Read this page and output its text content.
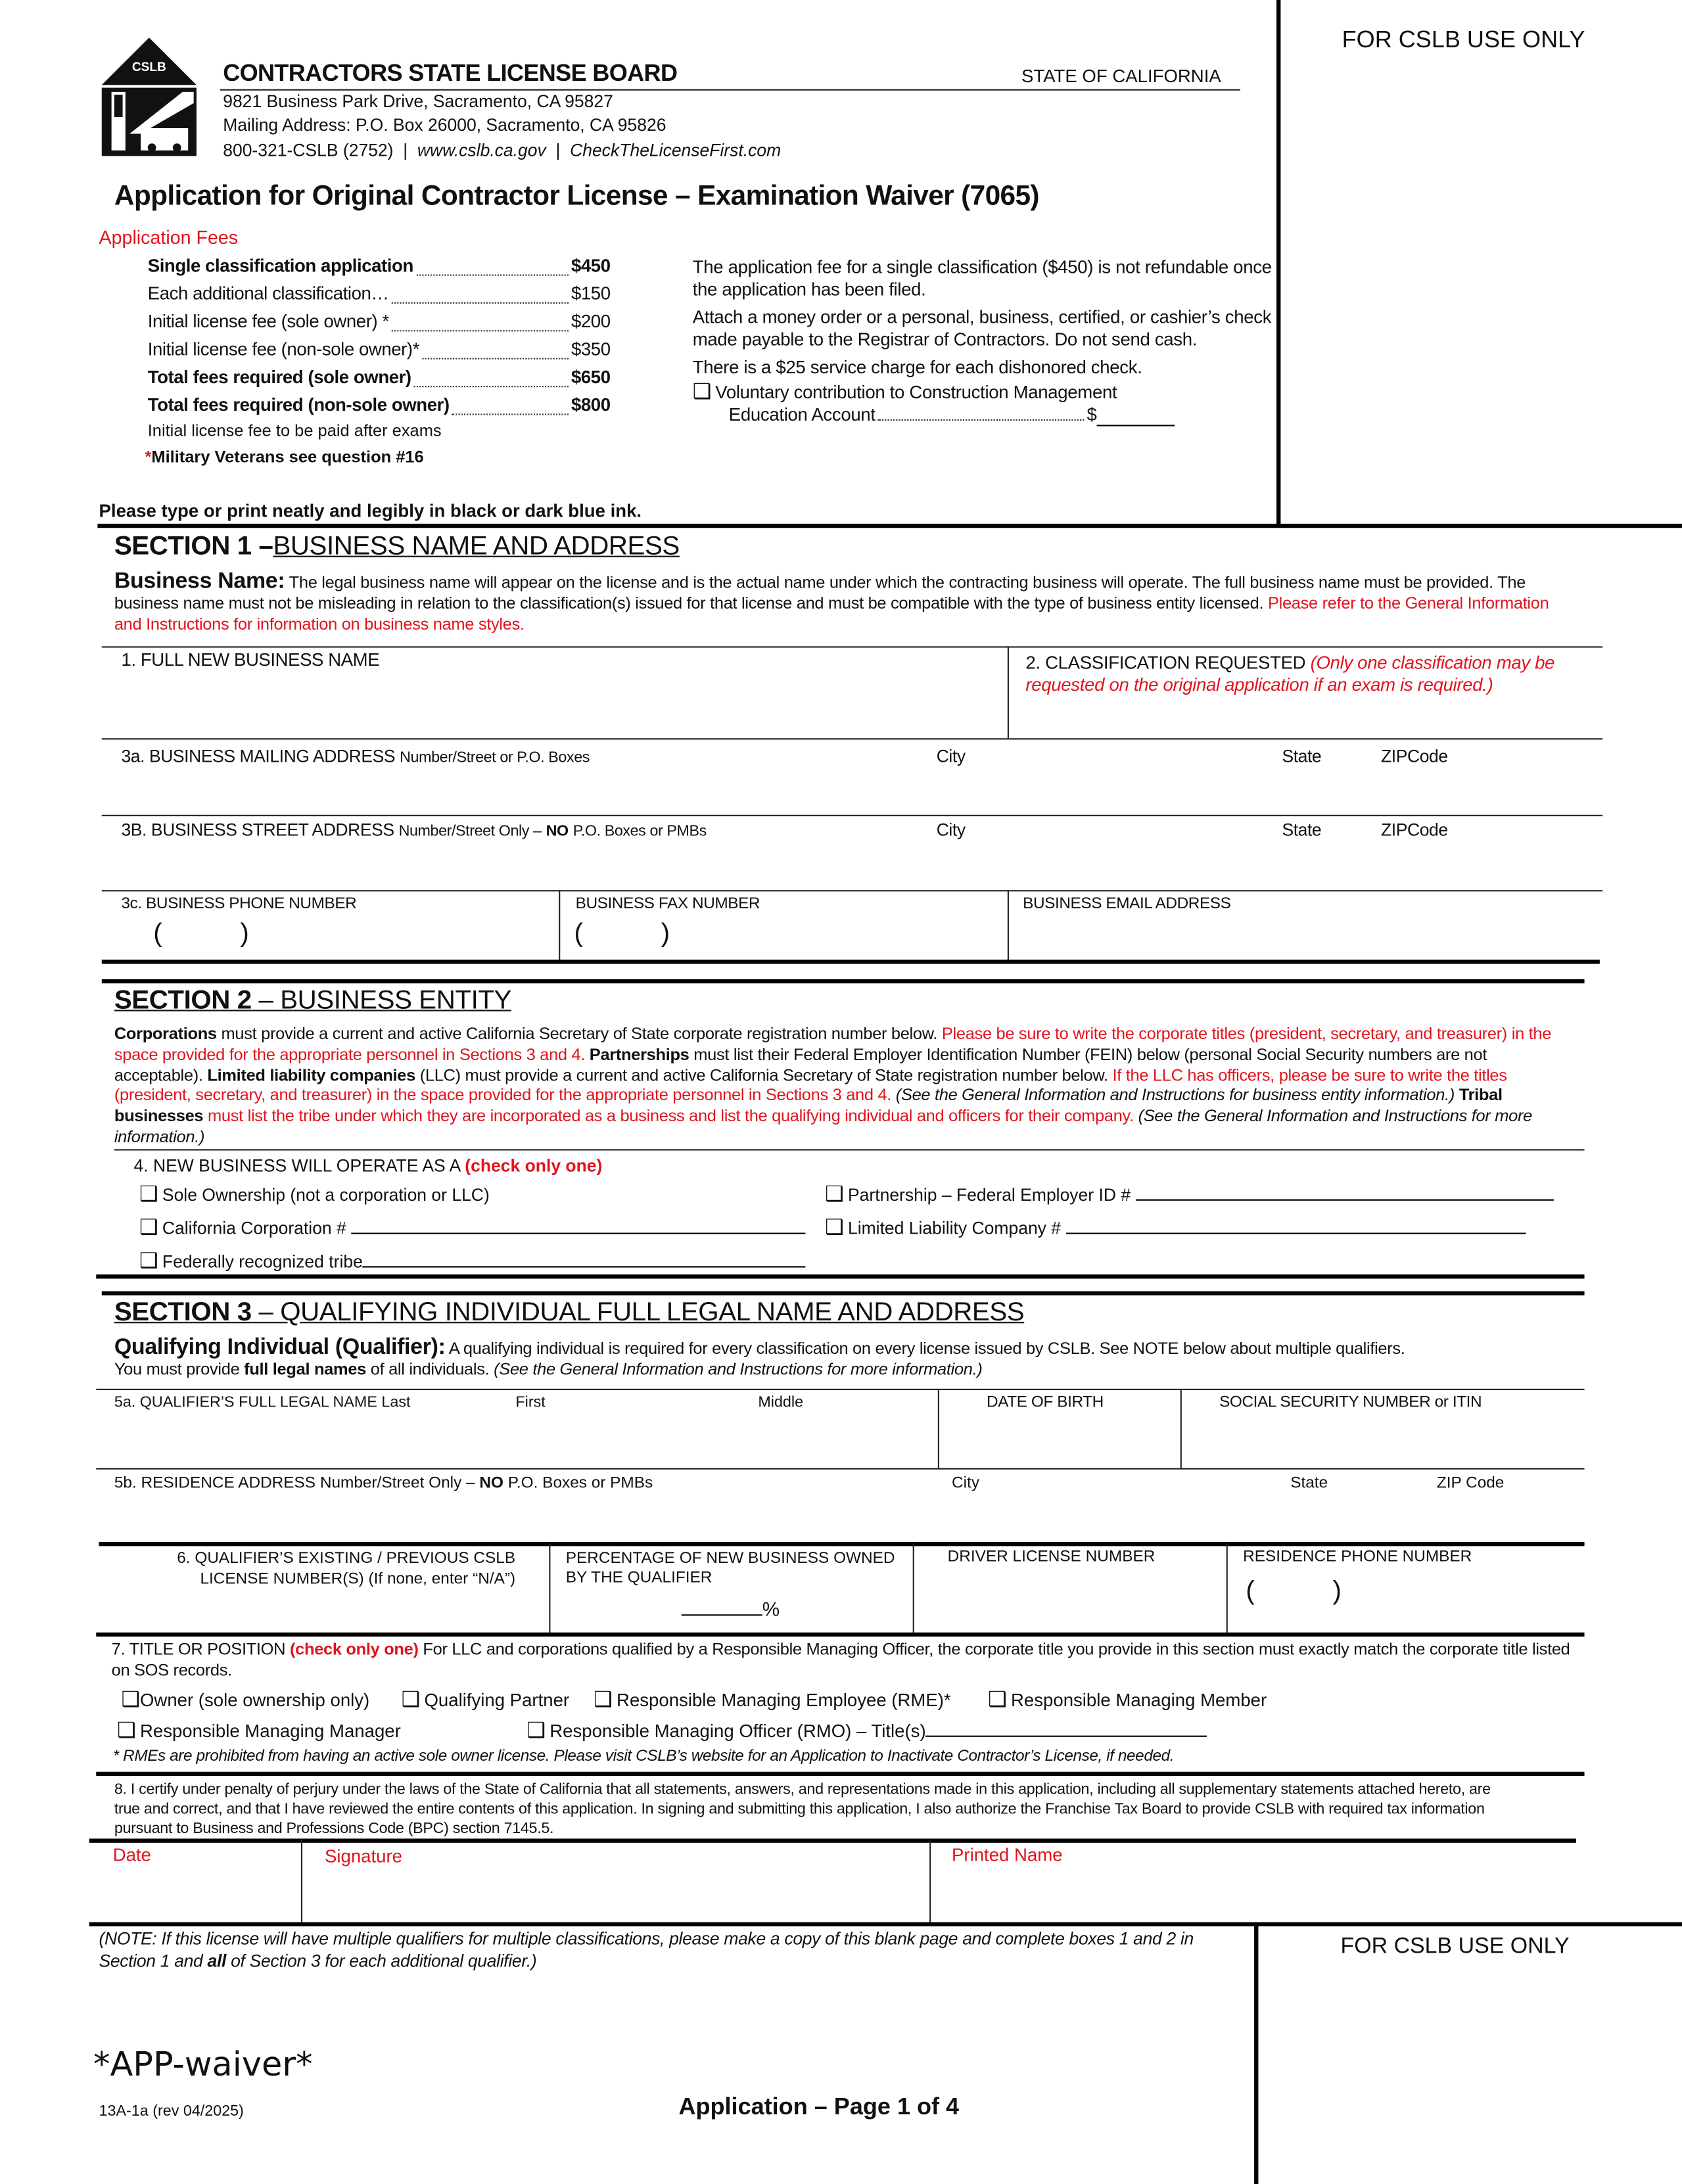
CSLB	CONTRACTORS STATE LICENSE BOARD	STATE OF CALIFORNIA
9821 Business Park Drive, Sacramento, CA 95827
Mailing Address: P.O. Box 26000, Sacramento, CA 95826
800-321-CSLB (2752) | www.cslb.ca.gov | CheckTheLicenseFirst.com
FOR CSLB USE ONLY
Application for Original Contractor License – Examination Waiver (7065)
Application Fees
Single classification application	$450
Each additional classification…	$150
Initial license fee (sole owner) *	$200
Initial license fee (non-sole owner)*	$350
Total fees required (sole owner)	$650
Total fees required (non-sole owner)	$800
Initial license fee to be paid after exams
*Military Veterans see question #16
The application fee for a single classification ($450) is not refundable once the application has been filed.
Attach a money order or a personal, business, certified, or cashier’s check made payable to the Registrar of Contractors. Do not send cash.
There is a $25 service charge for each dishonored check.
❑ Voluntary contribution to Construction Management
Education Account	$
Please type or print neatly and legibly in black or dark blue ink.
SECTION 1 –BUSINESS NAME AND ADDRESS
Business Name: The legal business name will appear on the license and is the actual name under which the contracting business will operate. The full business name must be provided. The business name must not be misleading in relation to the classification(s) issued for that license and must be compatible with the type of business entity licensed. Please refer to the General Information and Instructions for information on business name styles.
1. FULL NEW BUSINESS NAME	2. CLASSIFICATION REQUESTED (Only one classification may be requested on the original application if an exam is required.)
3a. BUSINESS MAILING ADDRESS Number/Street or P.O. Boxes	City	State	ZIPCode
3B. BUSINESS STREET ADDRESS Number/Street Only – NO P.O. Boxes or PMBs	City	State	ZIPCode
3c. BUSINESS PHONE NUMBER
(	)
BUSINESS FAX NUMBER
(	)
BUSINESS EMAIL ADDRESS
SECTION 2 – BUSINESS ENTITY
Corporations must provide a current and active California Secretary of State corporate registration number below. Please be sure to write the corporate titles (president, secretary, and treasurer) in the space provided for the appropriate personnel in Sections 3 and 4. Partnerships must list their Federal Employer Identification Number (FEIN) below (personal Social Security numbers are not acceptable). Limited liability companies (LLC) must provide a current and active California Secretary of State registration number below. If the LLC has officers, please be sure to write the titles (president, secretary, and treasurer) in the space provided for the appropriate personnel in Sections 3 and 4. (See the General Information and Instructions for business entity information.) Tribal businesses must list the tribe under which they are incorporated as a business and list the qualifying individual and officers for their company. (See the General Information and Instructions for more information.)
4. NEW BUSINESS WILL OPERATE AS A (check only one)
❑ Sole Ownership (not a corporation or LLC)	❑ Partnership – Federal Employer ID #
❑ California Corporation #	❑ Limited Liability Company #
❑ Federally recognized tribe
SECTION 3 – QUALIFYING INDIVIDUAL FULL LEGAL NAME AND ADDRESS
Qualifying Individual (Qualifier): A qualifying individual is required for every classification on every license issued by CSLB. See NOTE below about multiple qualifiers.
You must provide full legal names of all individuals. (See the General Information and Instructions for more information.)
5a. QUALIFIER’S FULL LEGAL NAME Last	First	Middle	DATE OF BIRTH	SOCIAL SECURITY NUMBER or ITIN
5b. RESIDENCE ADDRESS Number/Street Only – NO P.O. Boxes or PMBs	City	State	ZIP Code
6. QUALIFIER’S EXISTING / PREVIOUS CSLB
LICENSE NUMBER(S) (If none, enter “N/A”)
PERCENTAGE OF NEW BUSINESS OWNED
BY THE QUALIFIER
%
DRIVER LICENSE NUMBER	RESIDENCE PHONE NUMBER
(	)
7. TITLE OR POSITION (check only one) For LLC and corporations qualified by a Responsible Managing Officer, the corporate title you provide in this section must exactly match the corporate title listed on SOS records.
❑Owner (sole ownership only)	❑ Qualifying Partner ❑ Responsible Managing Employee (RME)*	❑ Responsible Managing Member
❑ Responsible Managing Manager	❑ Responsible Managing Officer (RMO) – Title(s)
* RMEs are prohibited from having an active sole owner license. Please visit CSLB’s website for an Application to Inactivate Contractor’s License, if needed.
8. I certify under penalty of perjury under the laws of the State of California that all statements, answers, and representations made in this application, including all supplementary statements attached hereto, are true and correct, and that I have reviewed the entire contents of this application. In signing and submitting this application, I also authorize the Franchise Tax Board to provide CSLB with required tax information pursuant to Business and Professions Code (BPC) section 7145.5.
Date	Signature	Printed Name
(NOTE: If this license will have multiple qualifiers for multiple classifications, please make a copy of this blank page and complete boxes 1 and 2 in Section 1 and all of Section 3 for each additional qualifier.)
FOR CSLB USE ONLY
*APP-waiver*
13A-1a (rev 04/2025)	Application – Page 1 of 4
